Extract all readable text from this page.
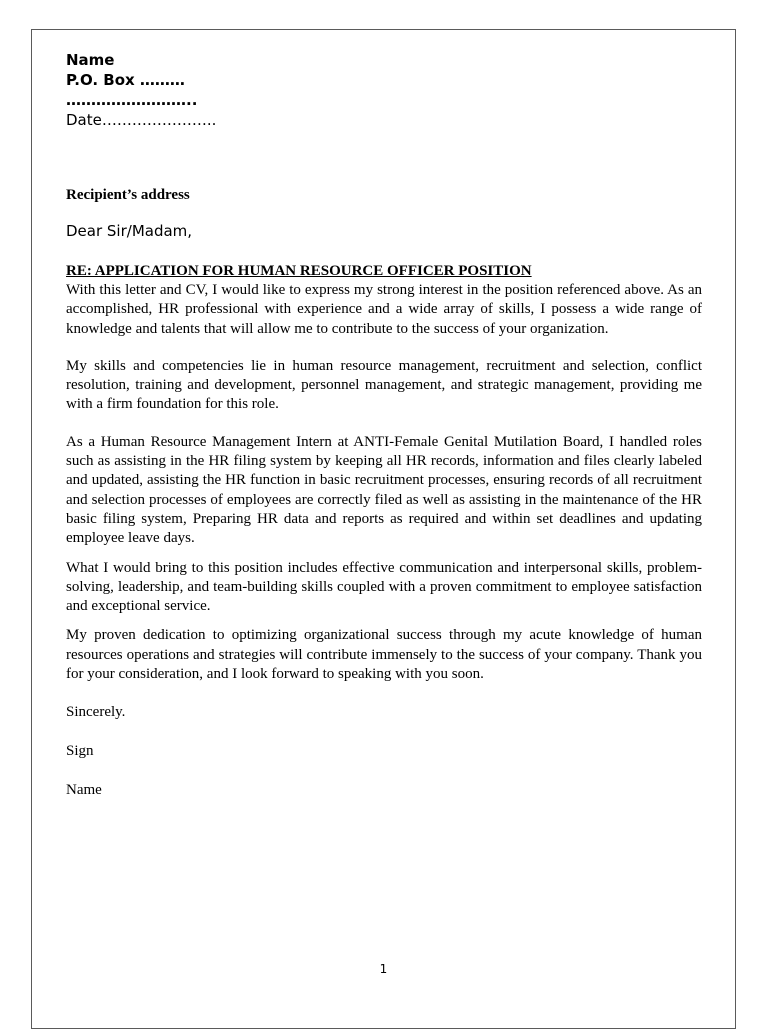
Name
P.O. Box ………
……………………..
Date…………………..
Recipient’s address
Dear Sir/Madam,
RE: APPLICATION FOR HUMAN RESOURCE OFFICER POSITION

With this letter and CV, I would like to express my strong interest in the position referenced above. As an accomplished, HR professional with experience and a wide array of skills, I possess a wide range of knowledge and talents that will allow me to contribute to the success of your organization.

My skills and competencies lie in human resource management, recruitment and selection, conflict resolution, training and development, personnel management, and strategic management, providing me with a firm foundation for this role.

As a Human Resource Management Intern at ANTI-Female Genital Mutilation Board, I handled roles such as assisting in the HR filing system by keeping all HR records, information and files clearly labeled and updated, assisting the HR function in basic recruitment processes, ensuring records of all recruitment and selection processes of employees are correctly filed as well as assisting in the maintenance of the HR basic filing system, Preparing HR data and reports as required and within set deadlines and updating employee leave days.

What I would bring to this position includes effective communication and interpersonal skills, problem-solving, leadership, and team-building skills coupled with a proven commitment to employee satisfaction and exceptional service.

My proven dedication to optimizing organizational success through my acute knowledge of human resources operations and strategies will contribute immensely to the success of your company. Thank you for your consideration, and I look forward to speaking with you soon.

Sincerely.

Sign

Name

1
